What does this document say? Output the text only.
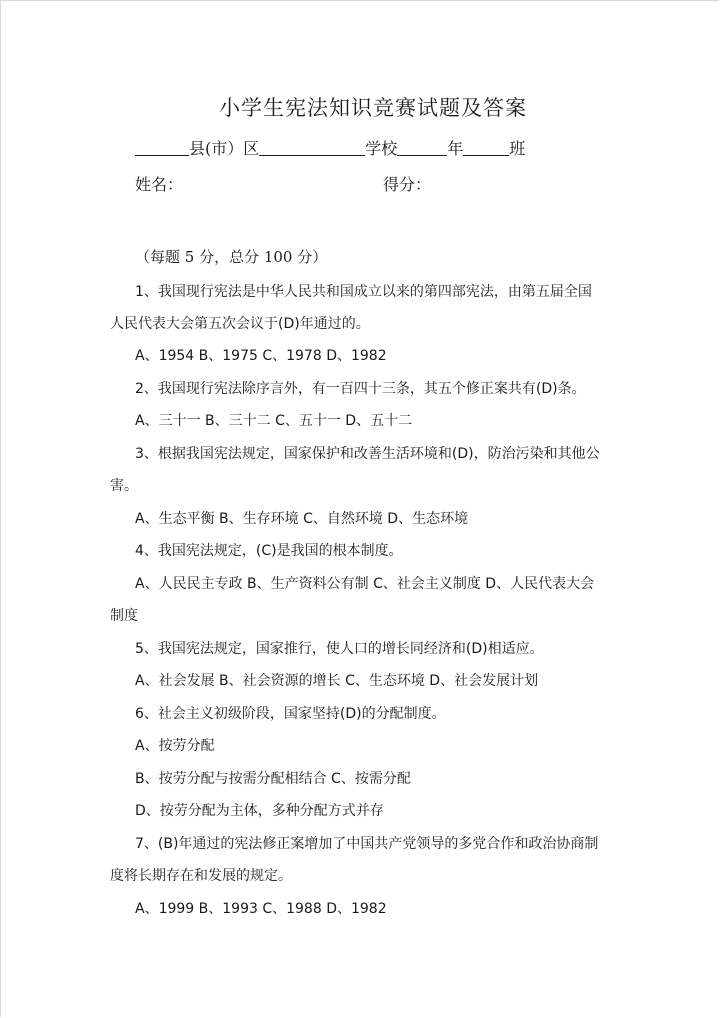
小学生宪法知识竞赛试题及答案
县(市）区	学校	年	班
姓名：	得分：
（每题 5 分，总分 100 分）
1、我国现行宪法是中华人民共和国成立以来的第四部宪法，由第五届全国
人民代表大会第五次会议于(D)年通过的。
A、1954 B、1975 C、1978 D、1982
2、我国现行宪法除序言外，有一百四十三条，其五个修正案共有(D)条。
A、三十一 B、三十二 C、五十一 D、五十二
3、根据我国宪法规定，国家保护和改善生活环境和(D)，防治污染和其他公
害。
A、生态平衡 B、生存环境 C、自然环境 D、生态环境
4、我国宪法规定，(C)是我国的根本制度。
A、人民民主专政 B、生产资料公有制 C、社会主义制度 D、人民代表大会
制度
5、我国宪法规定，国家推行，使人口的增长同经济和(D)相适应。
A、社会发展 B、社会资源的增长 C、生态环境 D、社会发展计划
6、社会主义初级阶段，国家坚持(D)的分配制度。
A、按劳分配
B、按劳分配与按需分配相结合 C、按需分配
D、按劳分配为主体，多种分配方式并存
7、(B)年通过的宪法修正案增加了中国共产党领导的多党合作和政治协商制
度将长期存在和发展的规定。
A、1999 B、1993 C、1988 D、1982
